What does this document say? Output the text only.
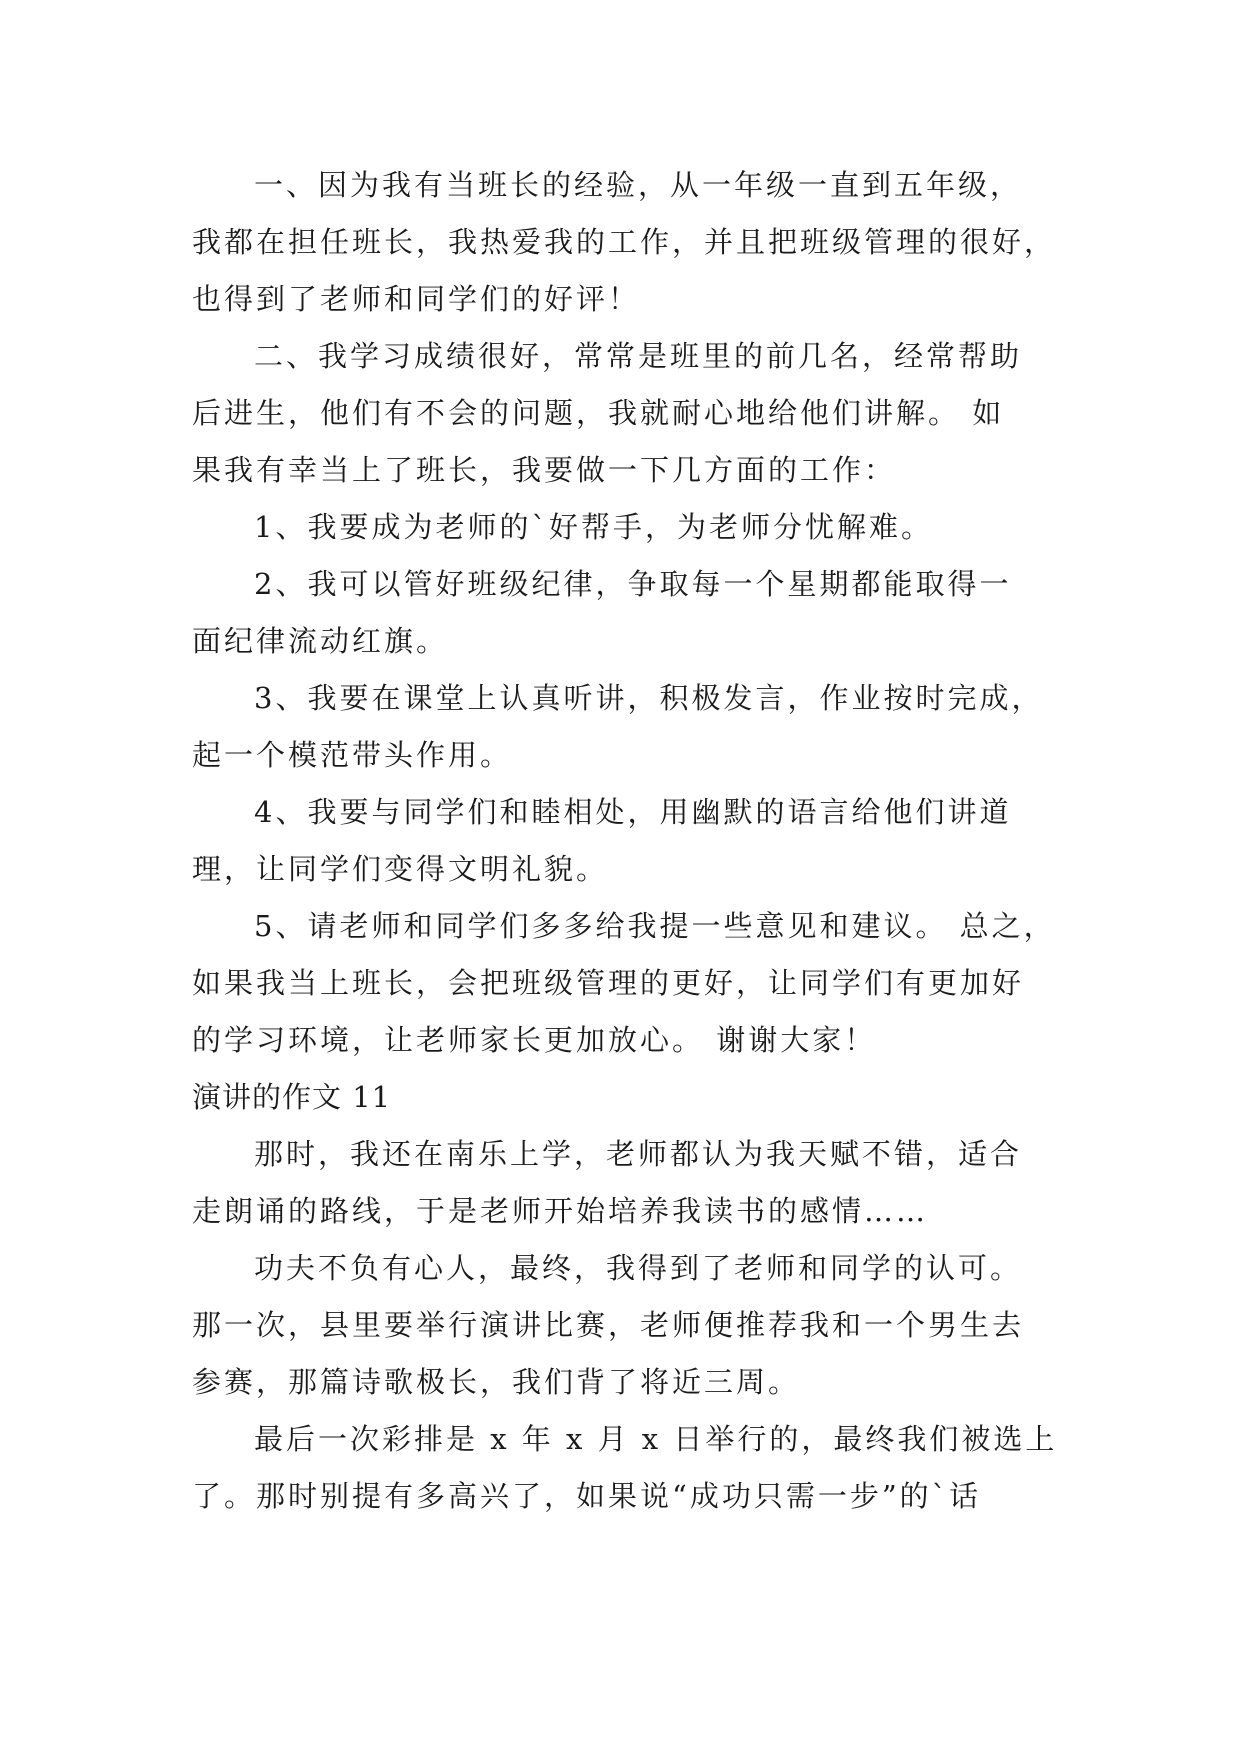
一、因为我有当班长的经验，从一年级一直到五年级，
我都在担任班长，我热爱我的工作，并且把班级管理的很好，
也得到了老师和同学们的好评！
二、我学习成绩很好，常常是班里的前几名，经常帮助
后进生，他们有不会的问题，我就耐心地给他们讲解。 如
果我有幸当上了班长，我要做一下几方面的工作：
1、我要成为老师的`好帮手，为老师分忧解难。
2、我可以管好班级纪律，争取每一个星期都能取得一
面纪律流动红旗。
3、我要在课堂上认真听讲，积极发言，作业按时完成，
起一个模范带头作用。
4、我要与同学们和睦相处，用幽默的语言给他们讲道
理，让同学们变得文明礼貌。
5、请老师和同学们多多给我提一些意见和建议。 总之，
如果我当上班长，会把班级管理的更好，让同学们有更加好
的学习环境，让老师家长更加放心。 谢谢大家！
演讲的作文 11
那时，我还在南乐上学，老师都认为我天赋不错，适合
走朗诵的路线，于是老师开始培养我读书的感情……
功夫不负有心人，最终，我得到了老师和同学的认可。
那一次，县里要举行演讲比赛，老师便推荐我和一个男生去
参赛，那篇诗歌极长，我们背了将近三周。
最后一次彩排是 x 年 x 月 x 日举行的，最终我们被选上
了。那时别提有多高兴了，如果说“成功只需一步”的`话
